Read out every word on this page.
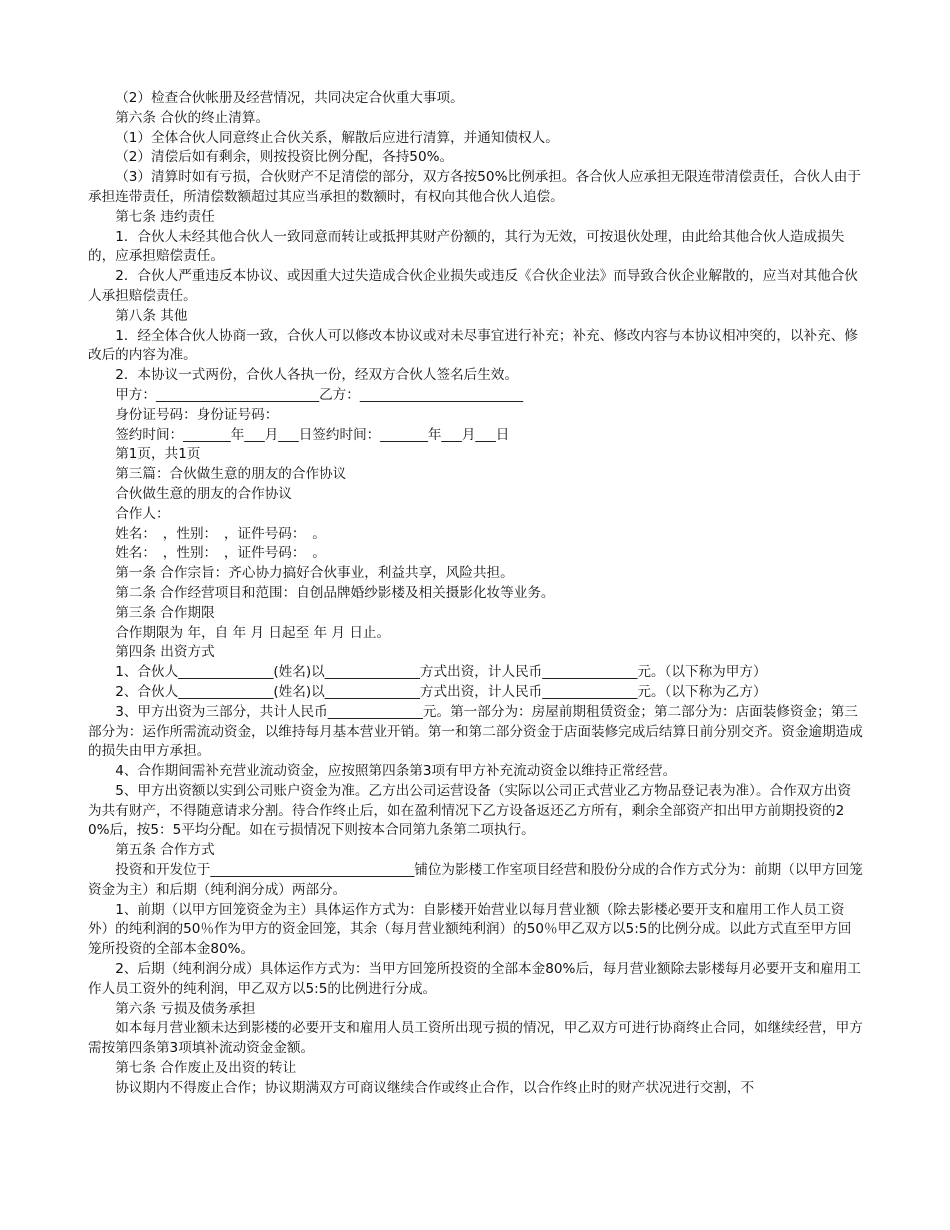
（2）检查合伙帐册及经营情况，共同决定合伙重大事项。

第六条 合伙的终止清算。

（1）全体合伙人同意终止合伙关系，解散后应进行清算，并通知债权人。

（2）清偿后如有剩余，则按投资比例分配，各持50%。

（3）清算时如有亏损，合伙财产不足清偿的部分，双方各按50%比例承担。各合伙人应承担无限连带清偿责任，合伙人由于承担连带责任，所清偿数额超过其应当承担的数额时，有权向其他合伙人追偿。

第七条 违约责任

1．合伙人未经其他合伙人一致同意而转让或抵押其财产份额的，其行为无效，可按退伙处理，由此给其他合伙人造成损失的，应承担赔偿责任。

2．合伙人严重违反本协议、或因重大过失造成合伙企业损失或违反《合伙企业法》而导致合伙企业解散的，应当对其他合伙人承担赔偿责任。

第八条 其他

1．经全体合伙人协商一致，合伙人可以修改本协议或对未尽事宜进行补充；补充、修改内容与本协议相冲突的，以补充、修改后的内容为准。

2．本协议一式两份，合伙人各执一份，经双方合伙人签名后生效。

甲方：________________________乙方：________________________

身份证号码：身份证号码：

签约时间：_______年___月___日签约时间：_______年___月___日

第1页，共1页

第三篇：合伙做生意的朋友的合作协议

合伙做生意的朋友的合作协议

合作人：

姓名：　，性别：　，证件号码：　。

姓名：　，性别：　，证件号码：　。

第一条 合作宗旨：齐心协力搞好合伙事业，利益共享，风险共担。

第二条 合作经营项目和范围：自创品牌婚纱影楼及相关摄影化妆等业务。

第三条 合作期限

合作期限为 年，自 年 月 日起至 年 月 日止。

第四条 出资方式

1、合伙人______________(姓名)以______________方式出资，计人民币______________元。（以下称为甲方）

2、合伙人______________(姓名)以______________方式出资，计人民币______________元。（以下称为乙方）

3、甲方出资为三部分，共计人民币______________元。第一部分为：房屋前期租赁资金；第二部分为：店面装修资金；第三部分为：运作所需流动资金，以维持每月基本营业开销。第一和第二部分资金于店面装修完成后结算日前分别交齐。资金逾期造成的损失由甲方承担。

4、合作期间需补充营业流动资金，应按照第四条第3项有甲方补充流动资金以维持正常经营。

5、甲方出资额以实到公司账户资金为准。乙方出公司运营设备（实际以公司正式营业乙方物品登记表为准）。合作双方出资为共有财产，不得随意请求分割。待合作终止后，如在盈利情况下乙方设备返还乙方所有，剩余全部资产扣出甲方前期投资的20%后，按5：5平均分配。如在亏损情况下则按本合同第九条第二项执行。

第五条 合作方式

投资和开发位于______________________________铺位为影楼工作室项目经营和股份分成的合作方式分为：前期（以甲方回笼资金为主）和后期（纯利润分成）两部分。

1、前期（以甲方回笼资金为主）具体运作方式为：自影楼开始营业以每月营业额（除去影楼必要开支和雇用工作人员工资外）的纯利润的50％作为甲方的资金回笼，其余（每月营业额纯利润）的50％甲乙双方以5:5的比例分成。以此方式直至甲方回笼所投资的全部本金80%。

2、后期（纯利润分成）具体运作方式为：当甲方回笼所投资的全部本金80%后，每月营业额除去影楼每月必要开支和雇用工作人员工资外的纯利润，甲乙双方以5:5的比例进行分成。

第六条 亏损及债务承担

如本每月营业额未达到影楼的必要开支和雇用人员工资所出现亏损的情况，甲乙双方可进行协商终止合同，如继续经营，甲方需按第四条第3项填补流动资金金额。

第七条 合作废止及出资的转让

协议期内不得废止合作；协议期满双方可商议继续合作或终止合作，以合作终止时的财产状况进行交割，不
